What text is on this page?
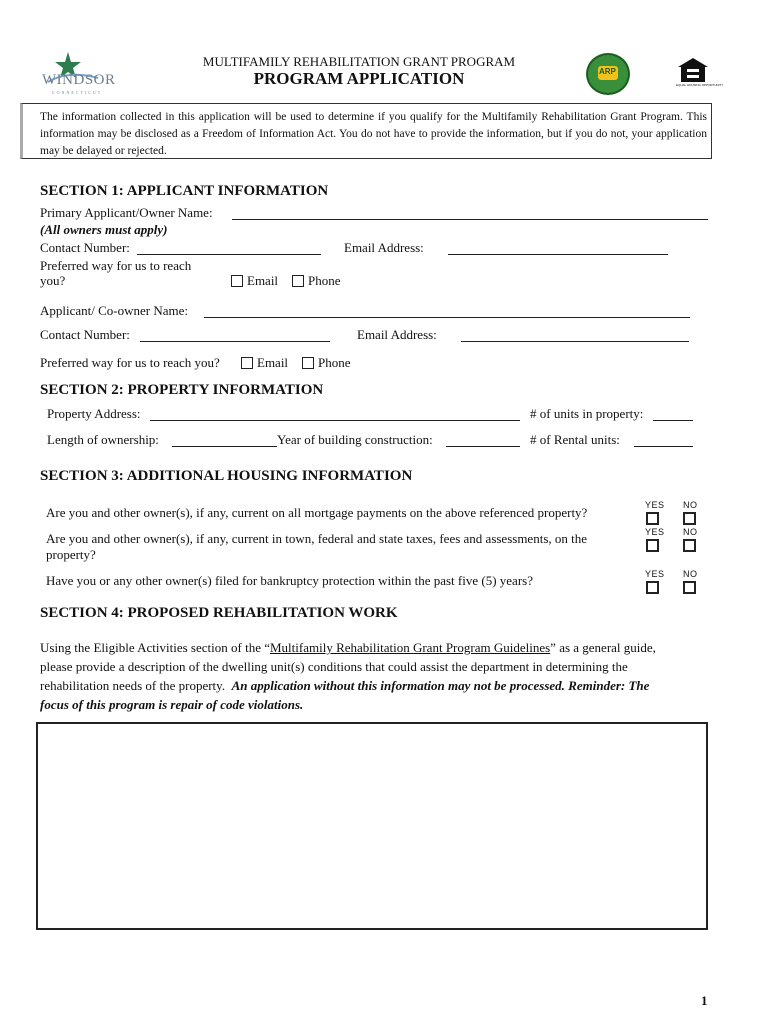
WINDSOR
CONNECTICUT
MULTIFAMILY REHABILITATION GRANT PROGRAM
PROGRAM APPLICATION	ARP
EQUAL HOUSING OPPORTUNITY
The information collected in this application will be used to determine if you qualify for the Multifamily Rehabilitation Grant Program. This information may be disclosed as a Freedom of Information Act. You do not have to provide the information, but if you do not, your application may be delayed or rejected.
SECTION 1: APPLICANT INFORMATION
Primary Applicant/Owner Name:
(All owners must apply)
Contact Number:	Email Address:
Preferred way for us to reach
you?	Email	Phone
Applicant/ Co-owner Name:
Contact Number:	Email Address:
Preferred way for us to reach you?	Email	Phone
SECTION 2: PROPERTY INFORMATION
Property Address:	# of units in property:
Length of ownership:	Year of building construction:	# of Rental units:
SECTION 3: ADDITIONAL HOUSING INFORMATION
YES NO
Are you and other owner(s), if any, current on all mortgage payments on the above referenced property?
YES NO
Are you and other owner(s), if any, current in town, federal and state taxes, fees and assessments, on the
property?
YES NO
Have you or any other owner(s) filed for bankruptcy protection within the past five (5) years?
SECTION 4: PROPOSED REHABILITATION WORK
Using the Eligible Activities section of the “Multifamily Rehabilitation Grant Program Guidelines” as a general guide,
please provide a description of the dwelling unit(s) conditions that could assist the department in determining the
rehabilitation needs of the property. An application without this information may not be processed. Reminder: The
focus of this program is repair of code violations.
1
